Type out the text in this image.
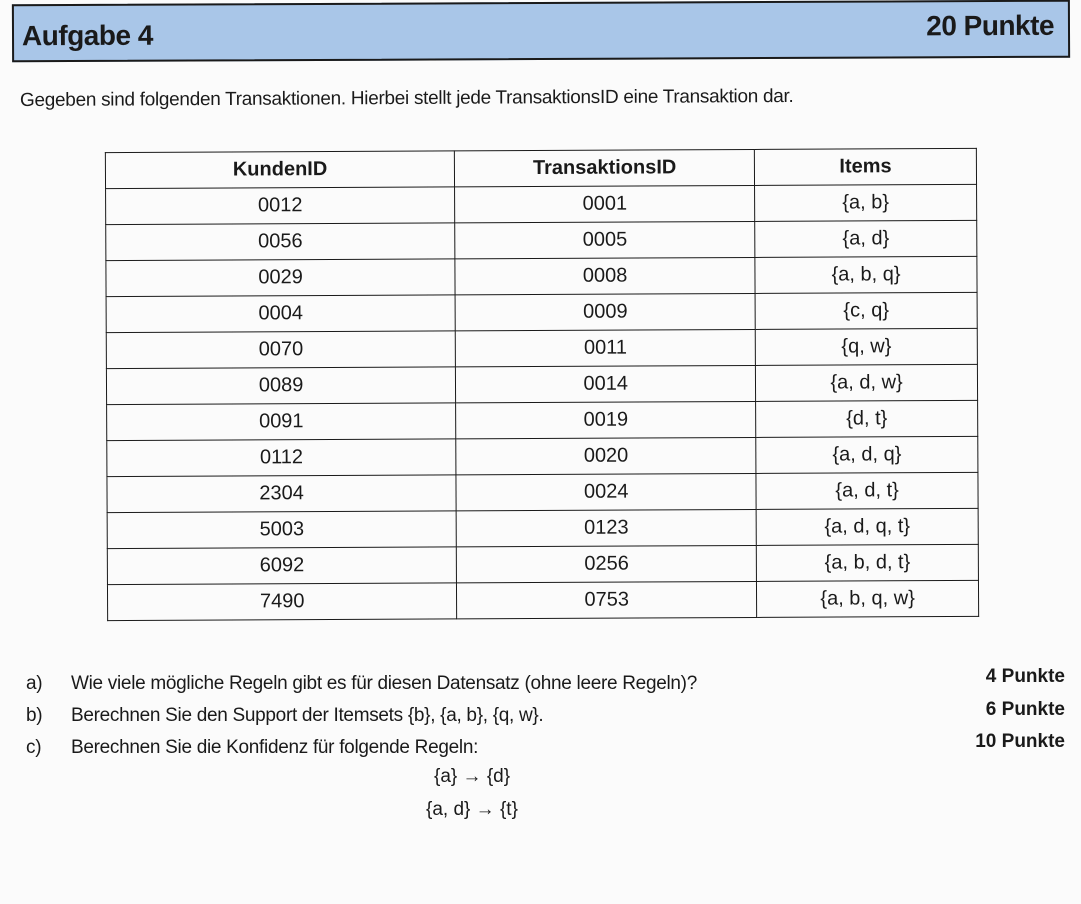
Aufgabe 4	20 Punkte
Gegeben sind folgenden Transaktionen. Hierbei stellt jede TransaktionsID eine Transaktion dar.
KundenID	TransaktionsID	Items
0012	0001	{a, b}
0056	0005	{a, d}
0029	0008	{a, b, q}
0004	0009	{c, q}
0070	0011	{q, w}
0089	0014	{a, d, w}
0091	0019	{d, t}
0112	0020	{a, d, q}
2304	0024	{a, d, t}
5003	0123	{a, d, q, t}
6092	0256	{a, b, d, t}
7490	0753	{a, b, q, w}
a) Wie viele mögliche Regeln gibt es für diesen Datensatz (ohne leere Regeln)?	4 Punkte
b) Berechnen Sie den Support der Itemsets {b}, {a, b}, {q, w}.	6 Punkte
c) Berechnen Sie die Konfidenz für folgende Regeln:	10 Punkte
{a} → {d}
{a, d} → {t}
